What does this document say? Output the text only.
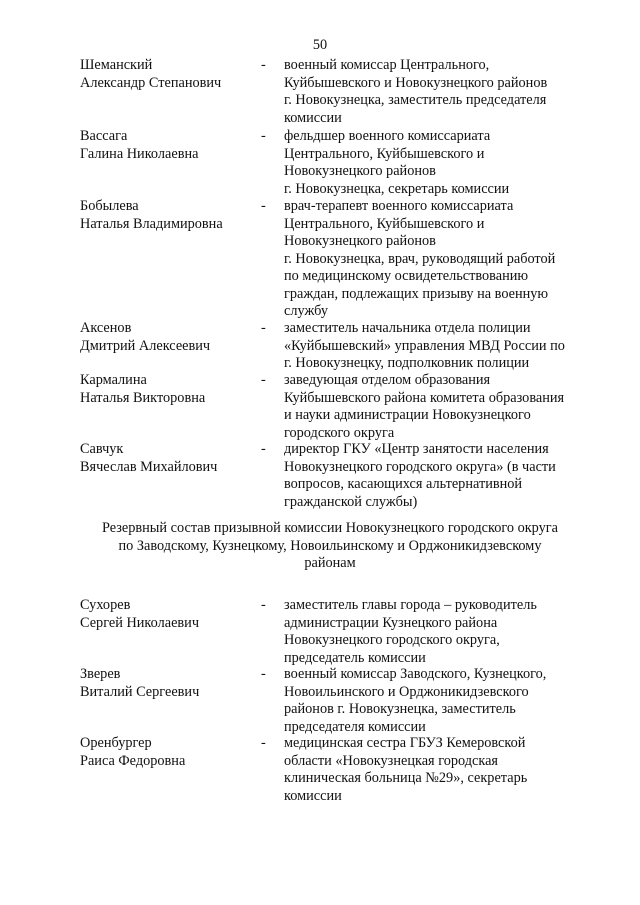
50
Шеманский
Александр Степанович
-	военный комиссар Центрального,
Куйбышевского и Новокузнецкого районов
г. Новокузнецка, заместитель председателя
комиссии
Вассага
Галина Николаевна
-	фельдшер военного комиссариата
Центрального, Куйбышевского и
Новокузнецкого районов
г. Новокузнецка, секретарь комиссии
Бобылева
Наталья Владимировна
-	врач-терапевт военного комиссариата
Центрального, Куйбышевского и
Новокузнецкого районов
г. Новокузнецка, врач, руководящий работой
по медицинскому освидетельствованию
граждан, подлежащих призыву на военную
службу
Аксенов
Дмитрий Алексеевич
-	заместитель начальника отдела полиции
«Куйбышевский» управления МВД России по
г. Новокузнецку, подполковник полиции
Кармалина
Наталья Викторовна
-	заведующая отделом образования
Куйбышевского района комитета образования
и науки администрации Новокузнецкого
городского округа
Савчук
Вячеслав Михайлович
-	директор ГКУ «Центр занятости населения
Новокузнецкого городского округа» (в части
вопросов, касающихся альтернативной
гражданской службы)
Резервный состав призывной комиссии Новокузнецкого городского округа
по Заводскому, Кузнецкому, Новоильинскому и Орджоникидзевскому
районам
Сухорев
Сергей Николаевич
-	заместитель главы города – руководитель
администрации Кузнецкого района
Новокузнецкого городского округа,
председатель комиссии
Зверев
Виталий Сергеевич
-	военный комиссар Заводского, Кузнецкого,
Новоильинского и Орджоникидзевского
районов г. Новокузнецка, заместитель
председателя комиссии
Оренбургер
Раиса Федоровна
-	медицинская сестра ГБУЗ Кемеровской
области «Новокузнецкая городская
клиническая больница №29», секретарь
комиссии
